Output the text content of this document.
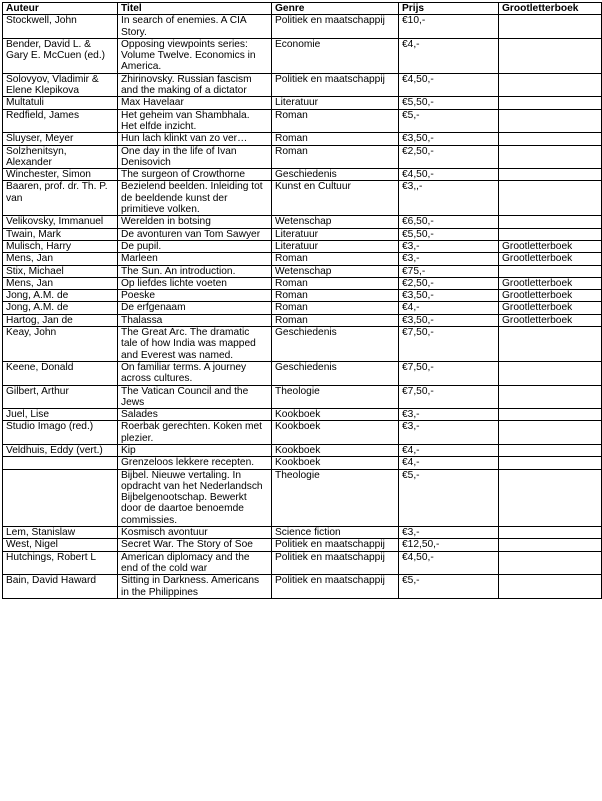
Auteur	Titel	Genre	Prijs	Grootletterboek
Stockwell, John	In search of enemies. A CIA Story.	Politiek en maatschappij	€10,-	
Bender, David L. & Gary E. McCuen (ed.)	Opposing viewpoints series: Volume Twelve. Economics in America.	Economie	€4,-	
Solovyov, Vladimir & Elene Klepikova	Zhirinovsky. Russian fascism and the making of a dictator	Politiek en maatschappij	€4,50,-	
Multatuli	Max Havelaar	Literatuur	€5,50,-	
Redfield, James	Het geheim van Shambhala. Het elfde inzicht.	Roman	€5,-	
Sluyser, Meyer	Hun lach klinkt van zo ver…	Roman	€3,50,-	
Solzhenitsyn, Alexander	One day in the life of Ivan Denisovich	Roman	€2,50,-	
Winchester, Simon	The surgeon of Crowthorne	Geschiedenis	€4,50,-	
Baaren, prof. dr. Th. P. van	Bezielend beelden. Inleiding tot de beeldende kunst der primitieve volken.	Kunst en Cultuur	€3,,-	
Velikovsky, Immanuel	Werelden in botsing	Wetenschap	€6,50,-	
Twain, Mark	De avonturen van Tom Sawyer	Literatuur	€5,50,-	
Mulisch, Harry	De pupil.	Literatuur	€3,-	Grootletterboek
Mens, Jan	Marleen	Roman	€3,-	Grootletterboek
Stix, Michael	The Sun. An introduction.	Wetenschap	€75,-	
Mens, Jan	Op liefdes lichte voeten	Roman	€2,50,-	Grootletterboek
Jong, A.M. de	Poeske	Roman	€3,50,-	Grootletterboek
Jong, A.M. de	De erfgenaam	Roman	€4,-	Grootletterboek
Hartog, Jan de	Thalassa	Roman	€3,50,-	Grootletterboek
Keay, John	The Great Arc. The dramatic tale of how India was mapped and Everest was named.	Geschiedenis	€7,50,-	
Keene, Donald	On familiar terms. A journey across cultures.	Geschiedenis	€7,50,-	
Gilbert, Arthur	The Vatican Council and the Jews	Theologie	€7,50,-	
Juel, Lise	Salades	Kookboek	€3,-	
Studio Imago (red.)	Roerbak gerechten. Koken met plezier.	Kookboek	€3,-	
Veldhuis, Eddy (vert.)	Kip	Kookboek	€4,-	
	Grenzeloos lekkere recepten.	Kookboek	€4,-	
	Bijbel. Nieuwe vertaling. In opdracht van het Nederlandsch Bijbelgenootschap. Bewerkt door de daartoe benoemde commissies.	Theologie	€5,-	
Lem, Stanislaw	Kosmisch avontuur	Science fiction	€3,-	
West, Nigel	Secret War. The Story of Soe	Politiek en maatschappij	€12,50,-	
Hutchings, Robert L	American diplomacy and the end of the cold war	Politiek en maatschappij	€4,50,-	
Bain, David Haward	Sitting in Darkness. Americans in the Philippines	Politiek en maatschappij	€5,-	
